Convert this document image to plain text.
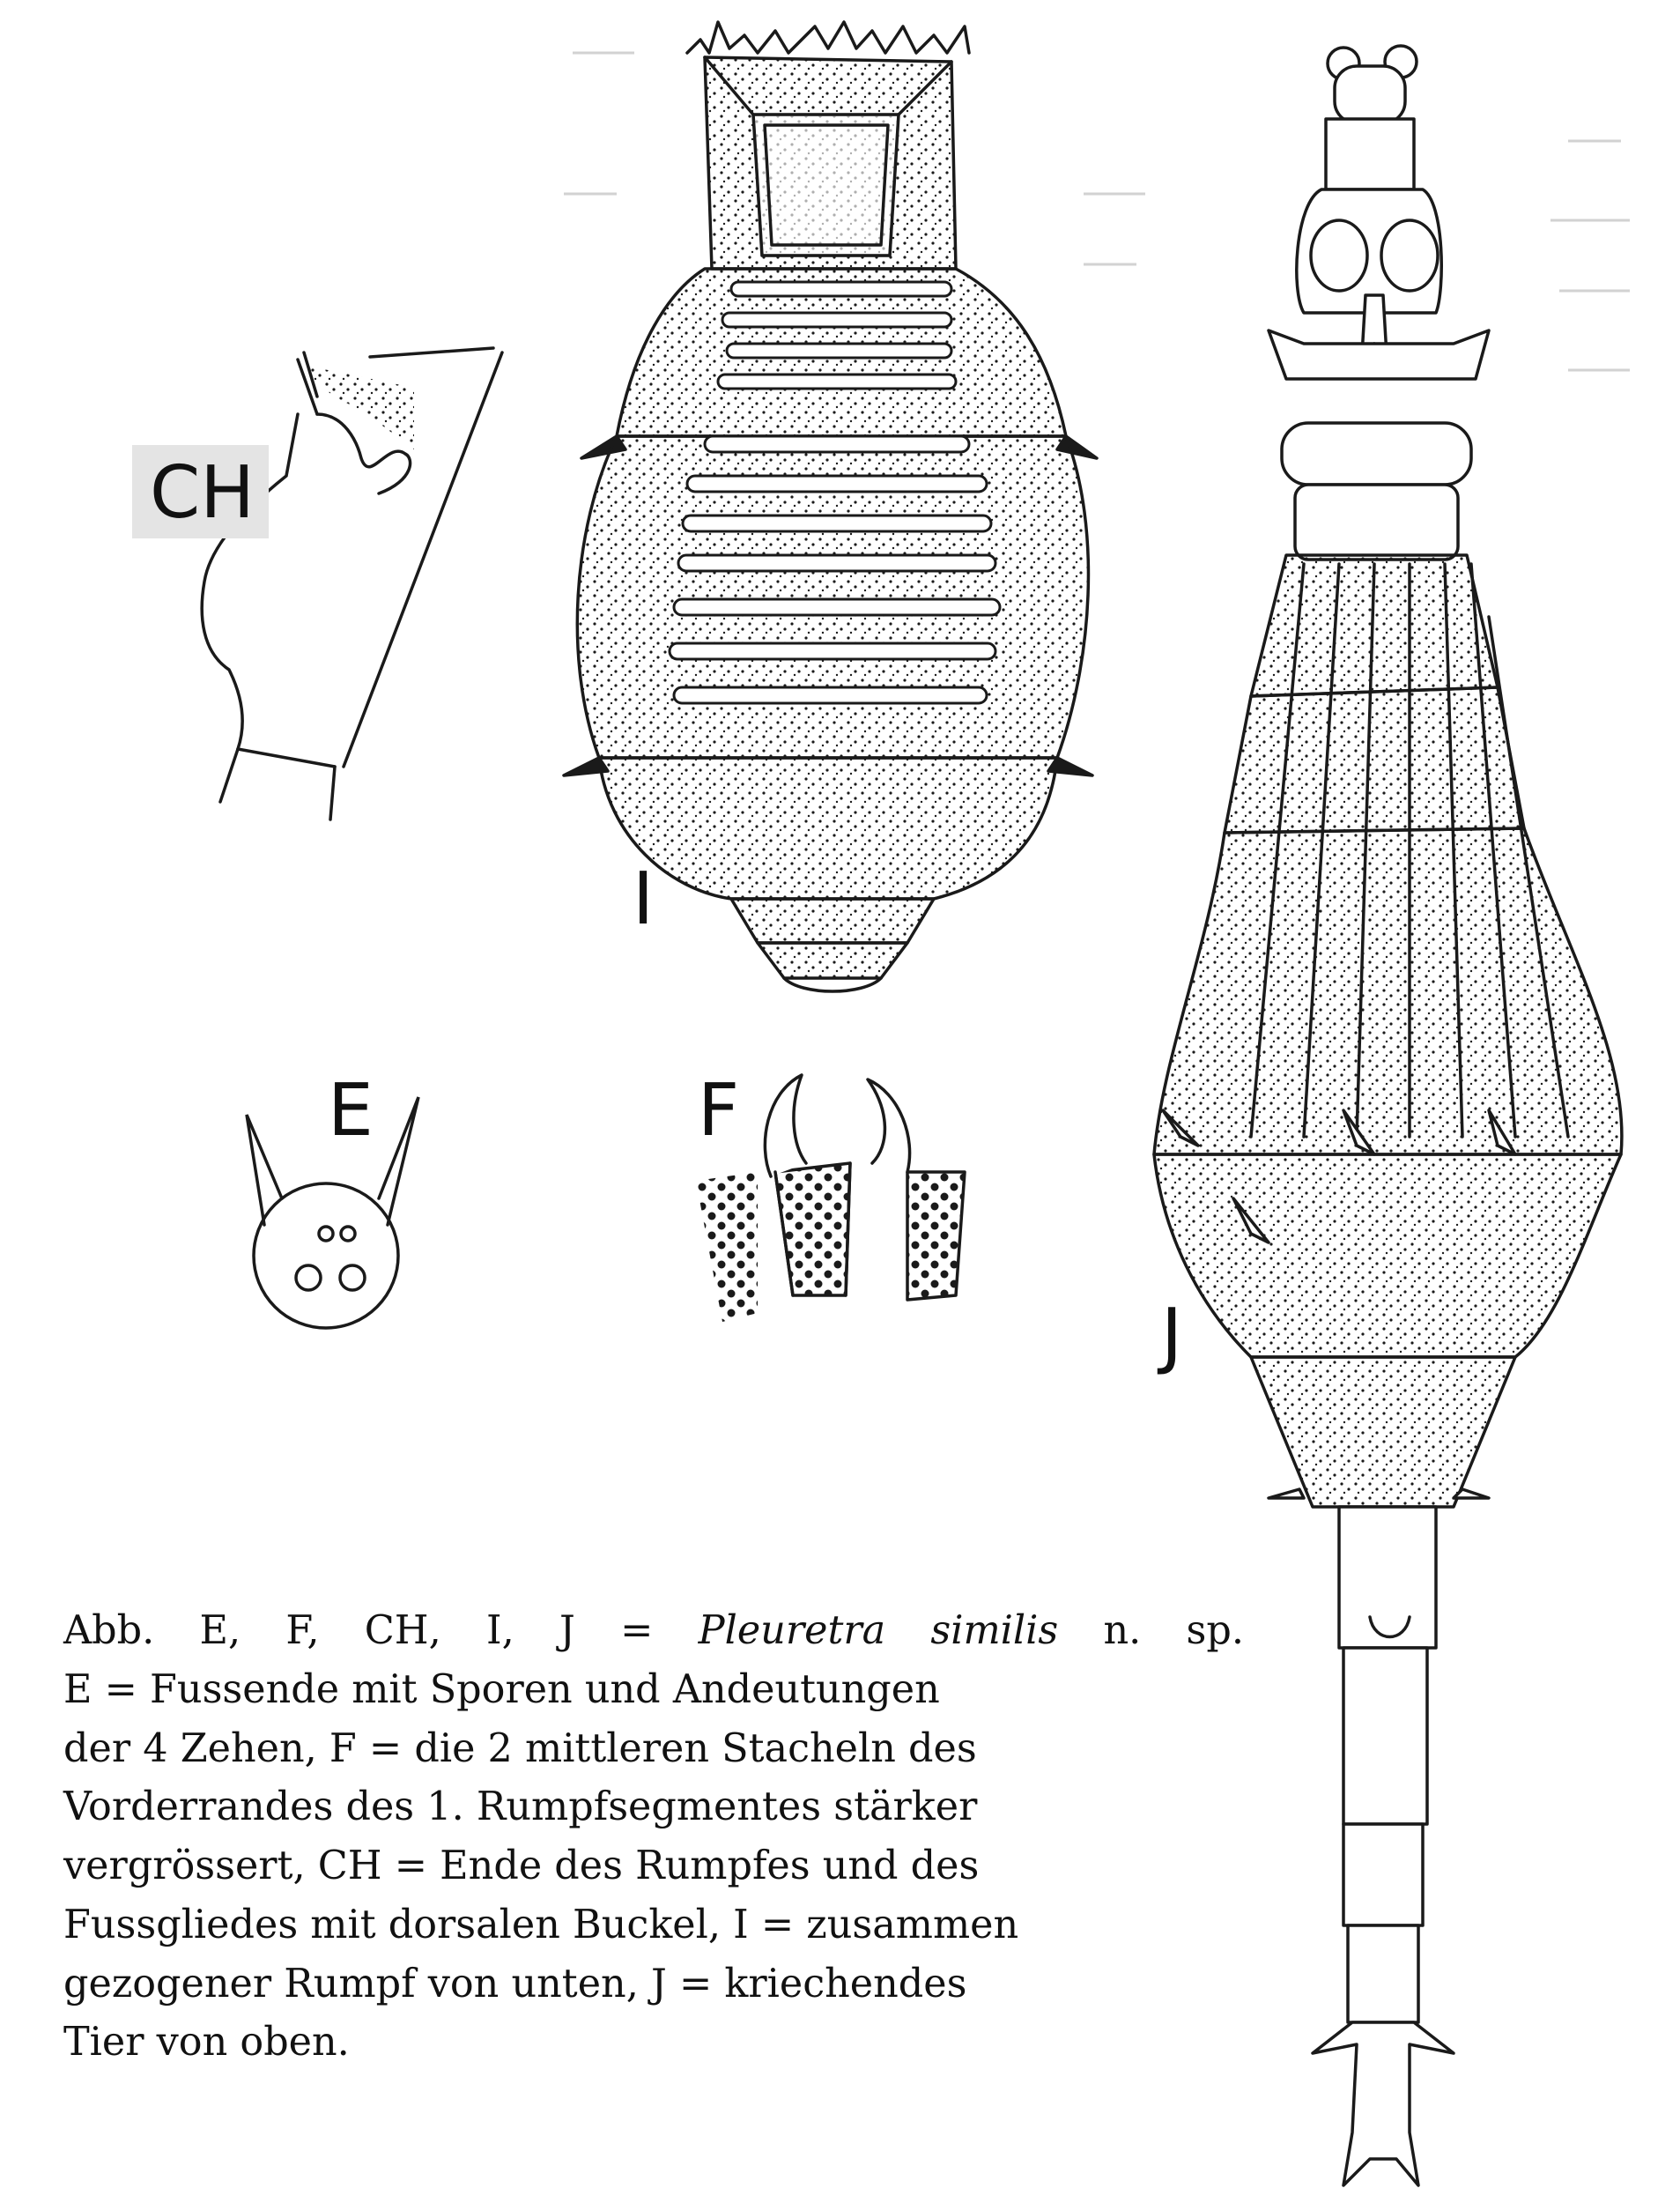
CH
I
E	F
J
Abb. E, F, CH, I, J = Pleuretra similis n. sp.
E = Fussende mit Sporen und Andeutungen
der 4 Zehen, F = die 2 mittleren Stacheln des
Vorderrandes des 1. Rumpfsegmentes stärker
vergrössert, CH = Ende des Rumpfes und des
Fussgliedes mit dorsalen Buckel, I = zusammen
gezogener Rumpf von unten, J = kriechendes
Tier von oben.
